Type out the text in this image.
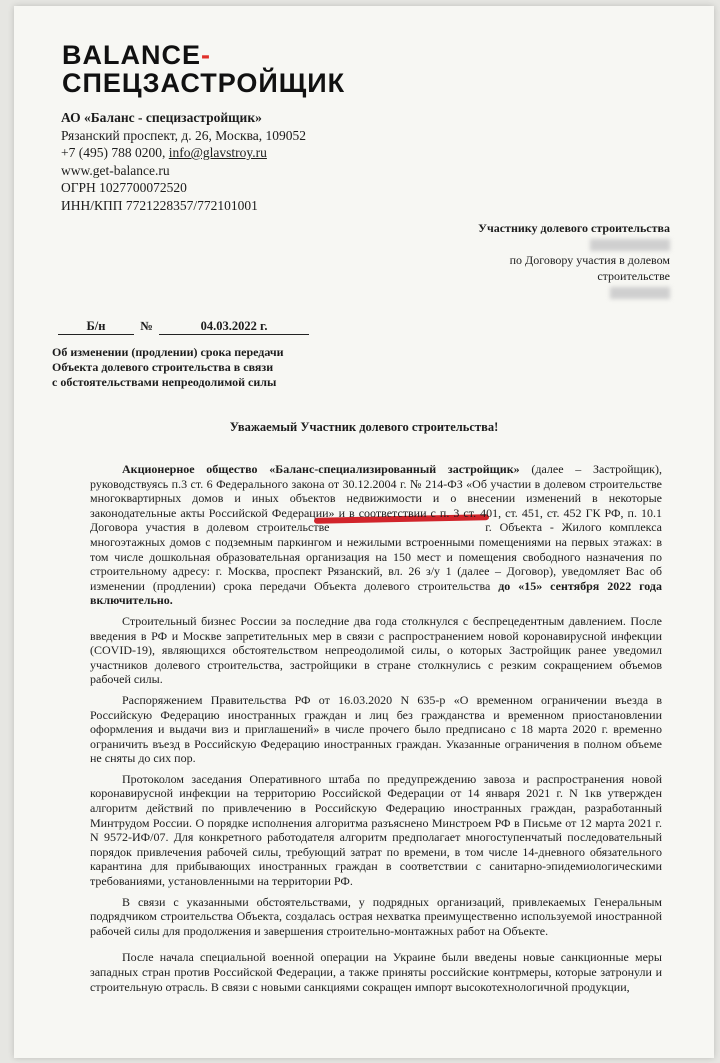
BALANCE-
СПЕЦЗАСТРОЙЩИК
АО «Баланс - специзастройщик»
Рязанский проспект, д. 26, Москва, 109052
+7 (495) 788 0200, info@glavstroy.ru
www.get-balance.ru
ОГРН 1027700072520
ИНН/КПП 7721228357/772101001
Участнику долевого строительства
по Договору участия в долевом
строительстве
Б/н	№	04.03.2022 г.
Об изменении (продлении) срока передачи
Объекта долевого строительства в связи
с обстоятельствами непреодолимой силы
Уважаемый Участник долевого строительства!

Акционерное общество «Баланс-специализированный застройщик» (далее – Застройщик), руководствуясь п.3 ст. 6 Федерального закона от 30.12.2004 г. № 214-ФЗ «Об участии в долевом строительстве многоквартирных домов и иных объектов недвижимости и о внесении изменений в некоторые законодательные акты Российской Федерации» и в соответствии с п. 3 ст. 401, ст. 451, ст. 452 ГК РФ, п. 10.1 Договора участия в долевом строительстве	г. Объекта - Жилого комплекса многоэтажных домов с подземным паркингом и нежилыми встроенными помещениями на первых этажах: в том числе дошкольная образовательная организация на 150 мест и помещения свободного назначения по строительному адресу: г. Москва, проспект Рязанский, вл. 26 з/у 1 (далее – Договор), уведомляет Вас об изменении (продлении) срока передачи Объекта долевого строительства до «15» сентября 2022 года включительно.

Строительный бизнес России за последние два года столкнулся с беспрецедентным давлением. После введения в РФ и Москве запретительных мер в связи с распространением новой коронавирусной инфекции (COVID-19), являющихся обстоятельством непреодолимой силы, о которых Застройщик ранее уведомил участников долевого строительства, застройщики в стране столкнулись с резким сокращением объемов рабочей силы.

Распоряжением Правительства РФ от 16.03.2020 N 635-р «О временном ограничении въезда в Российскую Федерацию иностранных граждан и лиц без гражданства и временном приостановлении оформления и выдачи виз и приглашений» в числе прочего было предписано с 18 марта 2020 г. временно ограничить въезд в Российскую Федерацию иностранных граждан. Указанные ограничения в полном объеме не сняты до сих пор.

Протоколом заседания Оперативного штаба по предупреждению завоза и распространения новой коронавирусной инфекции на территорию Российской Федерации от 14 января 2021 г. N 1кв утвержден алгоритм действий по привлечению в Российскую Федерацию иностранных граждан, разработанный Минтрудом России. О порядке исполнения алгоритма разъяснено Минстроем РФ в Письме от 12 марта 2021 г. N 9572-ИФ/07. Для конкретного работодателя алгоритм предполагает многоступенчатый последовательный порядок привлечения рабочей силы, требующий затрат по времени, в том числе 14-дневного обязательного карантина для прибывающих иностранных граждан в соответствии с санитарно-эпидемиологическими требованиями, установленными на территории РФ.

В связи с указанными обстоятельствами, у подрядных организаций, привлекаемых Генеральным подрядчиком строительства Объекта, создалась острая нехватка преимущественно используемой иностранной рабочей силы для продолжения и завершения строительно-монтажных работ на Объекте.

После начала специальной военной операции на Украине были введены новые санкционные меры западных стран против Российской Федерации, а также приняты российские контрмеры, которые затронули и строительную отрасль. В связи с новыми санкциями сокращен импорт высокотехнологичной продукции,
